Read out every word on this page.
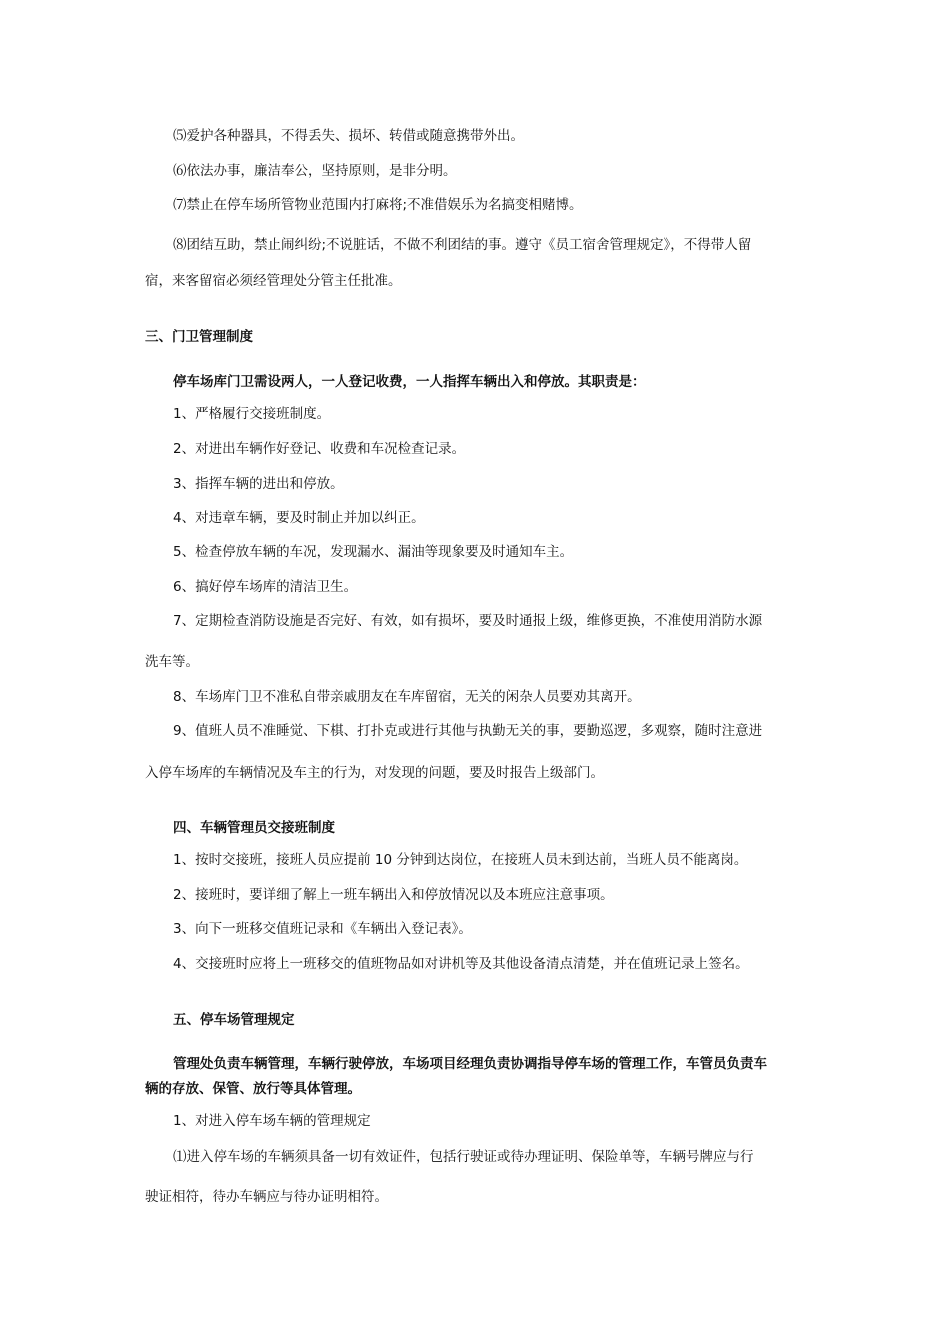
⑸爱护各种器具，不得丢失、损坏、转借或随意携带外出。
⑹依法办事，廉洁奉公，坚持原则，是非分明。
⑺禁止在停车场所管物业范围内打麻将;不准借娱乐为名搞变相赌博。
⑻团结互助，禁止闹纠纷;不说脏话，不做不利团结的事。遵守《员工宿舍管理规定》，不得带人留
宿，来客留宿必须经管理处分管主任批准。
三、门卫管理制度
停车场库门卫需设两人，一人登记收费，一人指挥车辆出入和停放。其职责是：
1、严格履行交接班制度。
2、对进出车辆作好登记、收费和车况检查记录。
3、指挥车辆的进出和停放。
4、对违章车辆，要及时制止并加以纠正。
5、检查停放车辆的车况，发现漏水、漏油等现象要及时通知车主。
6、搞好停车场库的清洁卫生。
7、定期检查消防设施是否完好、有效，如有损坏，要及时通报上级，维修更换，不准使用消防水源
洗车等。
8、车场库门卫不准私自带亲戚朋友在车库留宿，无关的闲杂人员要劝其离开。
9、值班人员不准睡觉、下棋、打扑克或进行其他与执勤无关的事，要勤巡逻，多观察，随时注意进
入停车场库的车辆情况及车主的行为，对发现的问题，要及时报告上级部门。
四、车辆管理员交接班制度
1、按时交接班，接班人员应提前 10 分钟到达岗位，在接班人员未到达前，当班人员不能离岗。
2、接班时，要详细了解上一班车辆出入和停放情况以及本班应注意事项。
3、向下一班移交值班记录和《车辆出入登记表》。
4、交接班时应将上一班移交的值班物品如对讲机等及其他设备清点清楚，并在值班记录上签名。
五、停车场管理规定
管理处负责车辆管理，车辆行驶停放，车场项目经理负责协调指导停车场的管理工作，车管员负责车
辆的存放、保管、放行等具体管理。
1、对进入停车场车辆的管理规定
⑴进入停车场的车辆须具备一切有效证件，包括行驶证或待办理证明、保险单等，车辆号牌应与行
驶证相符，待办车辆应与待办证明相符。
